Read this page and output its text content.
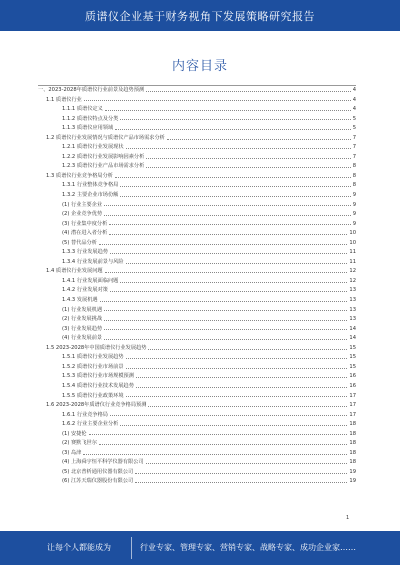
质谱仪企业基于财务视角下发展策略研究报告
内容目录
一、2023-2028年质谱仪行业前景及趋势预测	4
1.1 质谱仪行业	4
1.1.1 质谱仪定义	4
1.1.2 质谱仪特点及分类	5
1.1.3 质谱仪应用领域	5
1.2 质谱仪行业发展情况与质谱仪产品市场需求分析	7
1.2.1 质谱仪行业发展现状	7
1.2.2 质谱仪行业发展影响因素分析	7
1.2.3 质谱仪行业产品市场需求分析	8
1.3 质谱仪行业竞争格局分析	8
1.3.1 行业整体竞争格局	8
1.3.2 主要企业市场份额	9
(1) 行业主要企业	9
(2) 企业竞争优势	9
(3) 行业集中度分析	9
(4) 潜在进入者分析	10
(5) 替代品分析	10
1.3.3 行业发展趋势	11
1.3.4 行业发展前景与风险	11
1.4 质谱仪行业发展问题	12
1.4.1 行业发展面临问题	12
1.4.2 行业发展对策	13
1.4.3 发展机遇	13
(1) 行业发展机遇	13
(2) 行业发展挑战	13
(3) 行业发展趋势	14
(4) 行业发展前景	14
1.5 2023-2028年中国质谱仪行业发展趋势	15
1.5.1 质谱仪行业发展趋势	15
1.5.2 质谱仪行业市场前景	15
1.5.3 质谱仪行业市场规模预测	16
1.5.4 质谱仪行业技术发展趋势	16
1.5.5 质谱仪行业政策环境	17
1.6 2023-2028年质谱仪行业竞争格局预测	17
1.6.1 行业竞争格局	17
1.6.2 行业主要企业分析	18
(1) 安捷伦	18
(2) 赛默飞世尔	18
(3) 岛津	18
(4) 上海舜宇恒平科学仪器有限公司	18
(5) 北京普析通用仪器有限公司	19
(6) 江苏天瑞仪器股份有限公司	19
1
让每个人都能成为	行业专家、管理专家、营销专家、战略专家、成功企业家……
